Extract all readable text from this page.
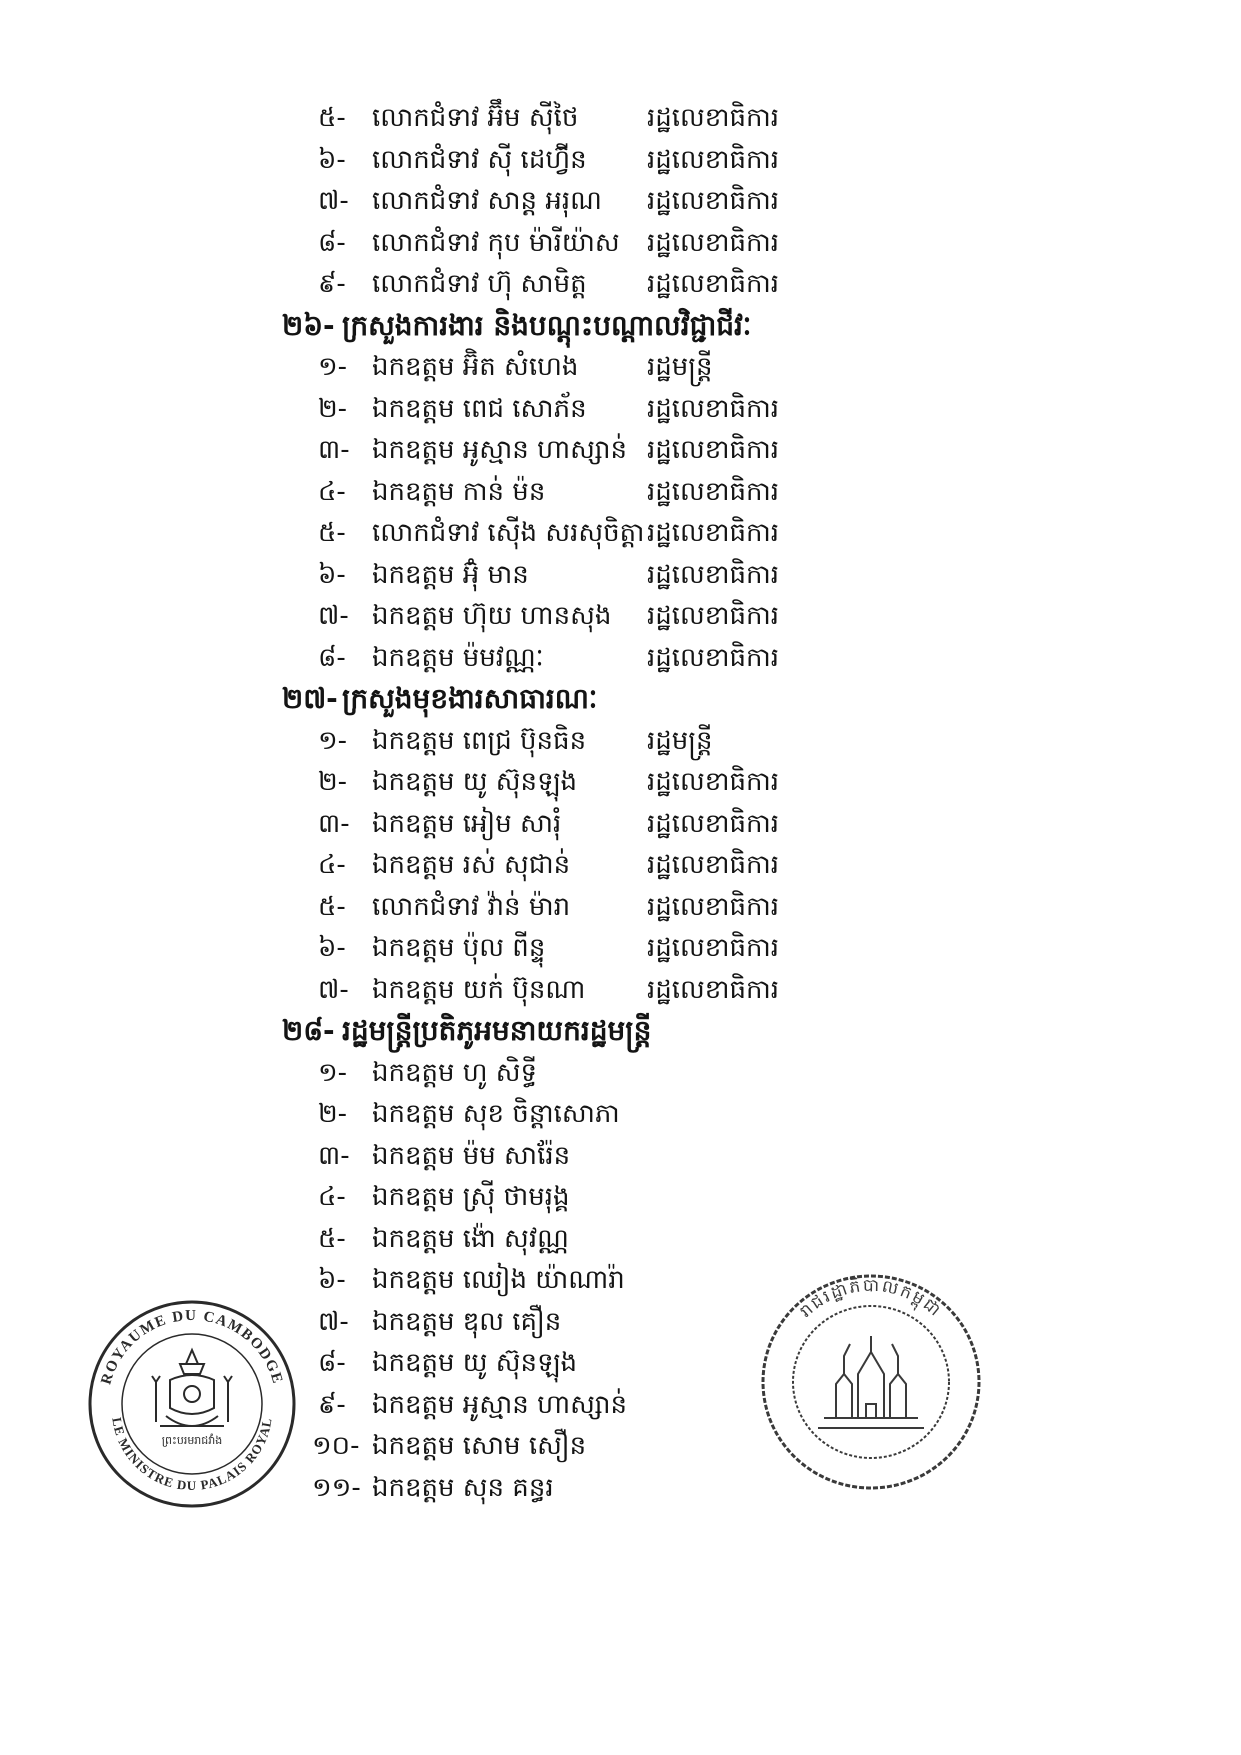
៥- លោកជំទាវ អ៊ឹម ស៊ីថៃ	រដ្ឋលេខាធិការ
៦- លោកជំទាវ ស៊ី ដេហ៊្វីន រដ្ឋលេខាធិការ
៧- លោកជំទាវ សាន្ត អរុណ រដ្ឋលេខាធិការ
៨- លោកជំទាវ កុប ម៉ារីយ៉ាស រដ្ឋលេខាធិការ
៩- លោកជំទាវ ហ៊ុ សាមិត្ត រដ្ឋលេខាធិការ
២៦- ក្រសួងការងារ និងបណ្តុះបណ្តាលវិជ្ជាជីវៈ
១- ឯកឧត្តម អ៊ិត សំហេង	រដ្ឋមន្ត្រី
២- ឯកឧត្តម ពេជ សោភ័ន រដ្ឋលេខាធិការ
៣- ឯកឧត្តម អូស្មាន ហាស្សាន់ រដ្ឋលេខាធិការ
៤- ឯកឧត្តម កាន់ ម៉ន	រដ្ឋលេខាធិការ
៥- លោកជំទាវ ស៊ើង សរសុចិត្តា រដ្ឋលេខាធិការ
៦- ឯកឧត្តម អ៊ុំ មាន	រដ្ឋលេខាធិការ
៧- ឯកឧត្តម ហ៊ុយ ហានសុង រដ្ឋលេខាធិការ
៨- ឯកឧត្តម ម៉មវណ្ណៈ	រដ្ឋលេខាធិការ
២៧- ក្រសួងមុខងារសាធារណៈ
១- ឯកឧត្តម ពេជ្រ ប៊ុនធិន រដ្ឋមន្ត្រី
២- ឯកឧត្តម យូ ស៊ុនឡុង	រដ្ឋលេខាធិការ
៣- ឯកឧត្តម អៀម សារុំ	រដ្ឋលេខាធិការ
៤- ឯកឧត្តម រស់ សុជាន់	រដ្ឋលេខាធិការ
៥- លោកជំទាវ វ៉ាន់ ម៉ារា	រដ្ឋលេខាធិការ
៦- ឯកឧត្តម ប៉ុល ពីន្ទុ	រដ្ឋលេខាធិការ
៧- ឯកឧត្តម យក់ ប៊ុនណា រដ្ឋលេខាធិការ
២៨- រដ្ឋមន្ត្រីប្រតិភូអមនាយករដ្ឋមន្ត្រី
១- ឯកឧត្តម ហូ សិទ្ធី
២- ឯកឧត្តម សុខ ចិន្តាសោភា
៣- ឯកឧត្តម ម៉ម សារ៉ែន
៤- ឯកឧត្តម ស្រ៊ី ថាមរុង្គ
៥- ឯកឧត្តម ង៉ោ សុវណ្ណ
៦- ឯកឧត្តម ឈៀង យ៉ាណារ៉ា
៧- ឯកឧត្តម ឌុល គឿន
៨- ឯកឧត្តម យូ ស៊ុនឡុង
៩- ឯកឧត្តម អូស្មាន ហាស្សាន់
១០- ឯកឧត្តម សោម សឿន
១១- ឯកឧត្តម សុន គន្ធរ
ROYAUME DU CAMBODGE
LE MINISTRE DU PALAIS ROYAL
ព្រះបរមរាជវាំង
រាជរដ្ឋាភិបាលកម្ពុជា
